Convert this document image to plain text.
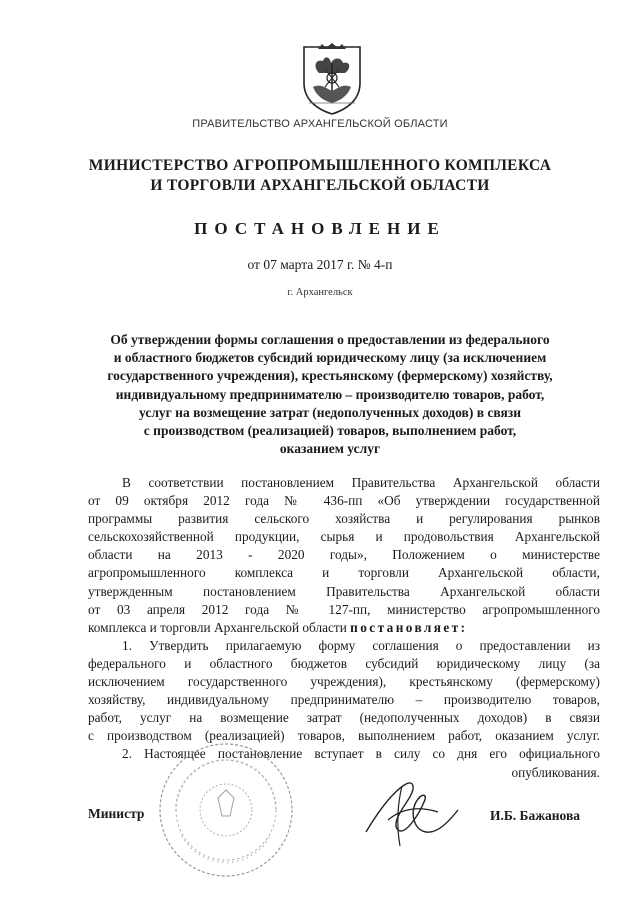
ПРАВИТЕЛЬСТВО АРХАНГЕЛЬСКОЙ ОБЛАСТИ
МИНИСТЕРСТВО АГРОПРОМЫШЛЕННОГО КОМПЛЕКСА
И ТОРГОВЛИ АРХАНГЕЛЬСКОЙ ОБЛАСТИ
ПОСТАНОВЛЕНИЕ
от 07 марта 2017 г. № 4-п
г. Архангельск
Об утверждении формы соглашения о предоставлении из федерального
и областного бюджетов субсидий юридическому лицу (за исключением
государственного учреждения), крестьянскому (фермерскому) хозяйству,
индивидуальному предпринимателю – производителю товаров, работ,
услуг на возмещение затрат (недополученных доходов) в связи
с производством (реализацией) товаров, выполнением работ,
оказанием услуг
В соответствии постановлением Правительства Архангельской области
от 09 октября 2012 года № 436-пп «Об утверждении государственной
программы развития сельского хозяйства и регулирования рынков
сельскохозяйственной продукции, сырья и продовольствия Архангельской
области на 2013 - 2020 годы», Положением о министерстве
агропромышленного комплекса и торговли Архангельской области,
утвержденным постановлением Правительства Архангельской области
от 03 апреля 2012 года № 127-пп, министерство агропромышленного
комплекса и торговли Архангельской области постановляет:
1. Утвердить прилагаемую форму соглашения о предоставлении из
федерального и областного бюджетов субсидий юридическому лицу (за
исключением государственного учреждения), крестьянскому (фермерскому)
хозяйству, индивидуальному предпринимателю – производителю товаров,
работ, услуг на возмещение затрат (недополученных доходов) в связи
с производством (реализацией) товаров, выполнением работ, оказанием услуг.
2. Настоящее постановление вступает в силу со дня его официального
опубликования.
Министр	И.Б. Бажанова
